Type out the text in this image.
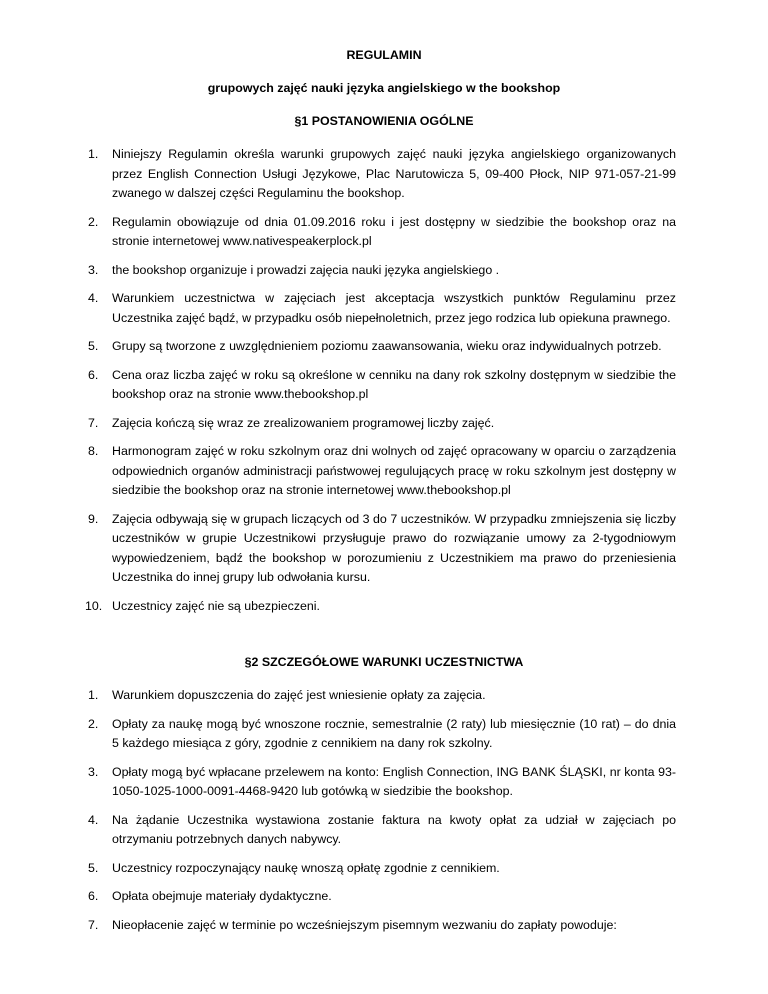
REGULAMIN
grupowych zajęć nauki języka angielskiego w the bookshop
§1 POSTANOWIENIA OGÓLNE
1. Niniejszy Regulamin określa warunki grupowych zajęć nauki języka angielskiego organizowanych przez English Connection Usługi Językowe, Plac Narutowicza 5, 09-400 Płock, NIP 971-057-21-99 zwanego w dalszej części Regulaminu the bookshop.
2. Regulamin obowiązuje od dnia 01.09.2016 roku i jest dostępny w siedzibie the bookshop oraz na stronie internetowej www.nativespeakerplock.pl
3. the bookshop organizuje i prowadzi zajęcia nauki języka angielskiego .
4. Warunkiem uczestnictwa w zajęciach jest akceptacja wszystkich punktów Regulaminu przez Uczestnika zajęć bądź, w przypadku osób niepełnoletnich, przez jego rodzica lub opiekuna prawnego.
5. Grupy są tworzone z uwzględnieniem poziomu zaawansowania, wieku oraz indywidualnych potrzeb.
6. Cena oraz liczba zajęć w roku są określone w cenniku na dany rok szkolny dostępnym w siedzibie the bookshop oraz na stronie www.thebookshop.pl
7. Zajęcia kończą się wraz ze zrealizowaniem programowej liczby zajęć.
8. Harmonogram zajęć w roku szkolnym oraz dni wolnych od zajęć opracowany w oparciu o zarządzenia odpowiednich organów administracji państwowej regulujących pracę w roku szkolnym jest dostępny w siedzibie the bookshop oraz na stronie internetowej www.thebookshop.pl
9. Zajęcia odbywają się w grupach liczących od 3 do 7 uczestników. W przypadku zmniejszenia się liczby uczestników w grupie Uczestnikowi przysługuje prawo do rozwiązanie umowy za 2-tygodniowym wypowiedzeniem, bądź the bookshop w porozumieniu z Uczestnikiem ma prawo do przeniesienia Uczestnika do innej grupy lub odwołania kursu.
10. Uczestnicy zajęć nie są ubezpieczeni.
§2 SZCZEGÓŁOWE WARUNKI UCZESTNICTWA
1. Warunkiem dopuszczenia do zajęć jest wniesienie opłaty za zajęcia.
2. Opłaty za naukę mogą być wnoszone rocznie, semestralnie (2 raty) lub miesięcznie (10 rat) – do dnia 5 każdego miesiąca z góry, zgodnie z cennikiem na dany rok szkolny.
3. Opłaty mogą być wpłacane przelewem na konto: English Connection, ING BANK ŚLĄSKI, nr konta 93-1050-1025-1000-0091-4468-9420 lub gotówką w siedzibie the bookshop.
4. Na żądanie Uczestnika wystawiona zostanie faktura na kwoty opłat za udział w zajęciach po otrzymaniu potrzebnych danych nabywcy.
5. Uczestnicy rozpoczynający naukę wnoszą opłatę zgodnie z cennikiem.
6. Opłata obejmuje materiały dydaktyczne.
7. Nieopłacenie zajęć w terminie po wcześniejszym pisemnym wezwaniu do zapłaty powoduje:
